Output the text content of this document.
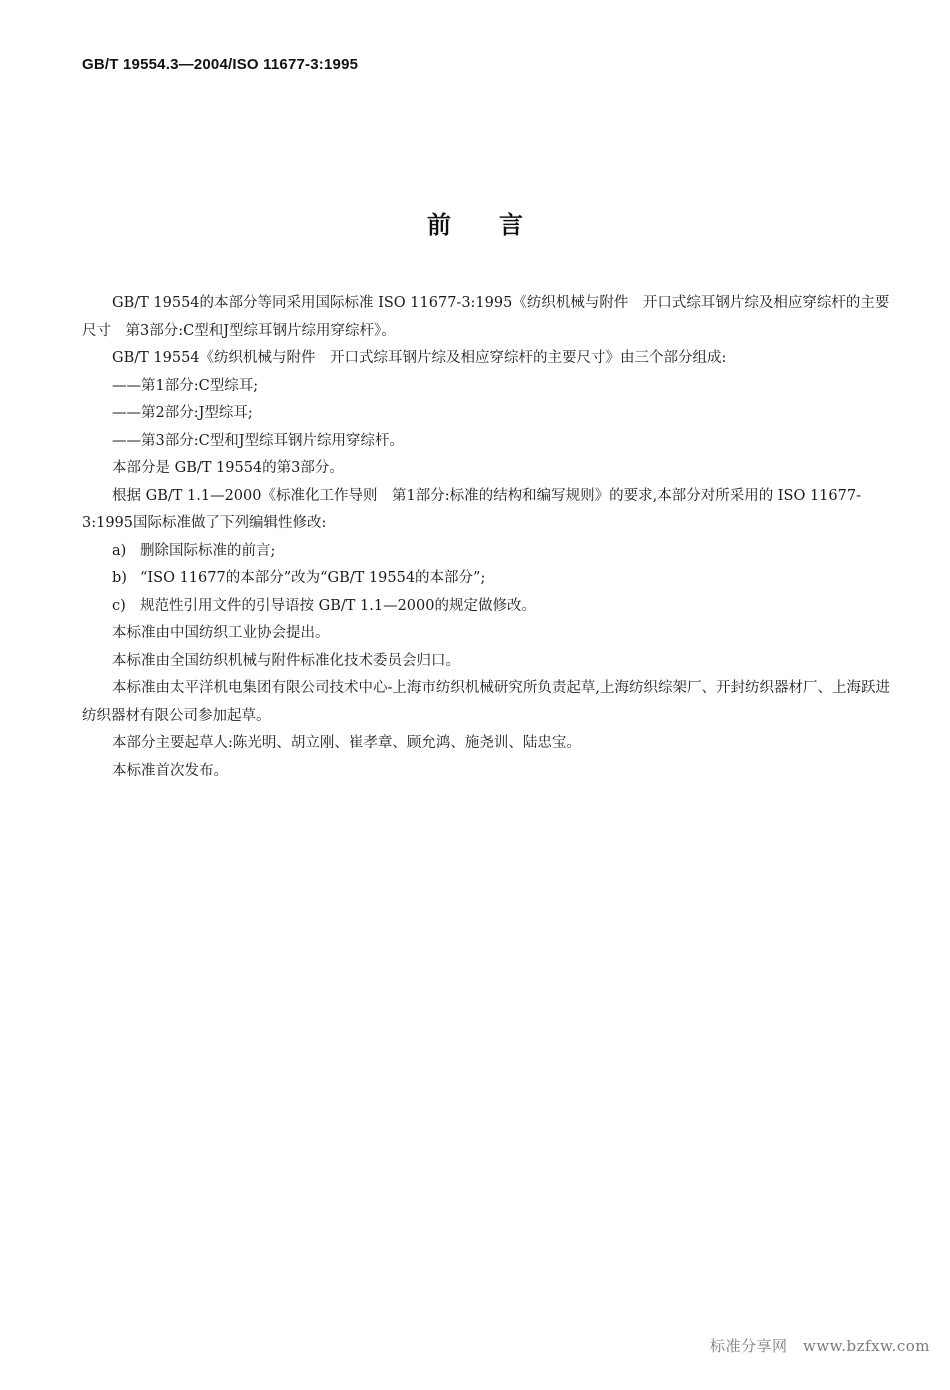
GB/T 19554.3—2004/ISO 11677-3:1995
前言

GB/T 19554的本部分等同采用国际标准 ISO 11677-3:1995《纺织机械与附件　开口式综耳钢片综及相应穿综杆的主要尺寸　第3部分:C型和J型综耳钢片综用穿综杆》。

GB/T 19554《纺织机械与附件　开口式综耳钢片综及相应穿综杆的主要尺寸》由三个部分组成:

——第1部分:C型综耳;

——第2部分:J型综耳;

——第3部分:C型和J型综耳钢片综用穿综杆。

本部分是 GB/T 19554的第3部分。

根据 GB/T 1.1—2000《标准化工作导则　第1部分:标准的结构和编写规则》的要求,本部分对所采用的 ISO 11677-3:1995国际标准做了下列编辑性修改:

a) 删除国际标准的前言;

b) “ISO 11677的本部分”改为“GB/T 19554的本部分”;

c) 规范性引用文件的引导语按 GB/T 1.1—2000的规定做修改。

本标准由中国纺织工业协会提出。

本标准由全国纺织机械与附件标准化技术委员会归口。

本标准由太平洋机电集团有限公司技术中心-上海市纺织机械研究所负责起草,上海纺织综架厂、开封纺织器材厂、上海跃进纺织器材有限公司参加起草。

本部分主要起草人:陈光明、胡立刚、崔孝章、顾允鸿、施尧训、陆忠宝。

本标准首次发布。

标准分享网　www.bzfxw.com
